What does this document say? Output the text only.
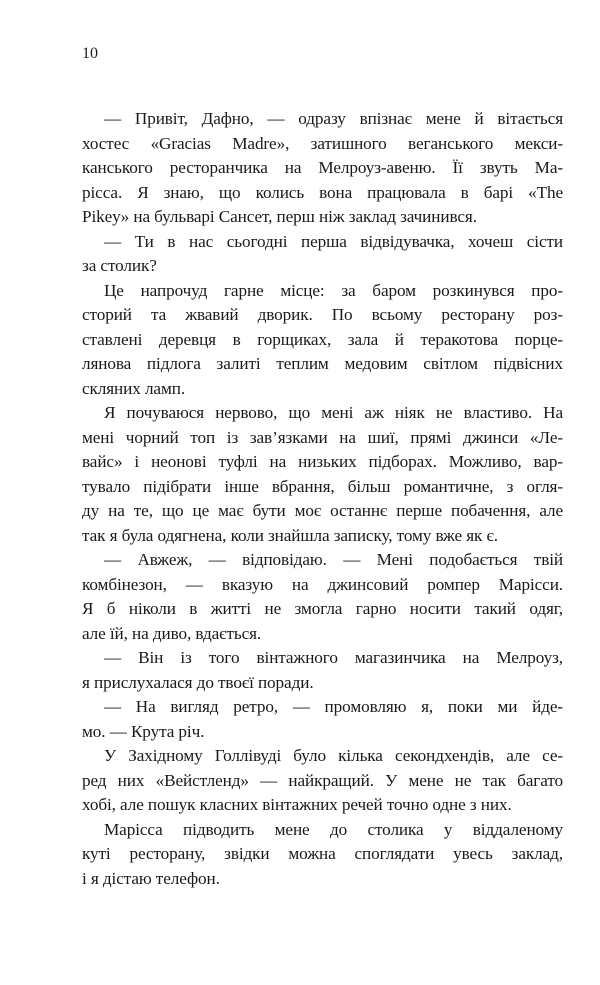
10
— Привіт, Дафно, — одразу впізнає мене й вітається
хостес «Gracias Madre», затишного веганського мекси-
канського ресторанчика на Мелроуз-авеню. Її звуть Ма-
рісса. Я знаю, що колись вона працювала в барі «The
Pikey» на бульварі Сансет, перш ніж заклад зачинився.
— Ти в нас сьогодні перша відвідувачка, хочеш сісти
за столик?
Це напрочуд гарне місце: за баром розкинувся про-
сторий та жвавий дворик. По всьому ресторану роз-
ставлені деревця в горщиках, зала й теракотова порце-
лянова підлога залиті теплим медовим світлом підвісних
скляних ламп.
Я почуваюся нервово, що мені аж ніяк не властиво. На
мені чорний топ із зав’язками на шиї, прямі джинси «Ле-
вайс» і неонові туфлі на низьких підборах. Можливо, вар-
тувало підібрати інше вбрання, більш романтичне, з огля-
ду на те, що це має бути моє останнє перше побачення, але
так я була одягнена, коли знайшла записку, тому вже як є.
— Авжеж, — відповідаю. — Мені подобається твій
комбінезон, — вказую на джинсовий ромпер Марісси.
Я б ніколи в житті не змогла гарно носити такий одяг,
але їй, на диво, вдається.
— Він із того вінтажного магазинчика на Мелроуз,
я прислухалася до твоєї поради.
— На вигляд ретро, — промовляю я, поки ми йде-
мо. — Крута річ.
У Західному Голлівуді було кілька секондхендів, але се-
ред них «Вейстленд» — найкращий. У мене не так багато
хобі, але пошук класних вінтажних речей точно одне з них.
Марісса підводить мене до столика у віддаленому
куті ресторану, звідки можна споглядати увесь заклад,
і я дістаю телефон.
